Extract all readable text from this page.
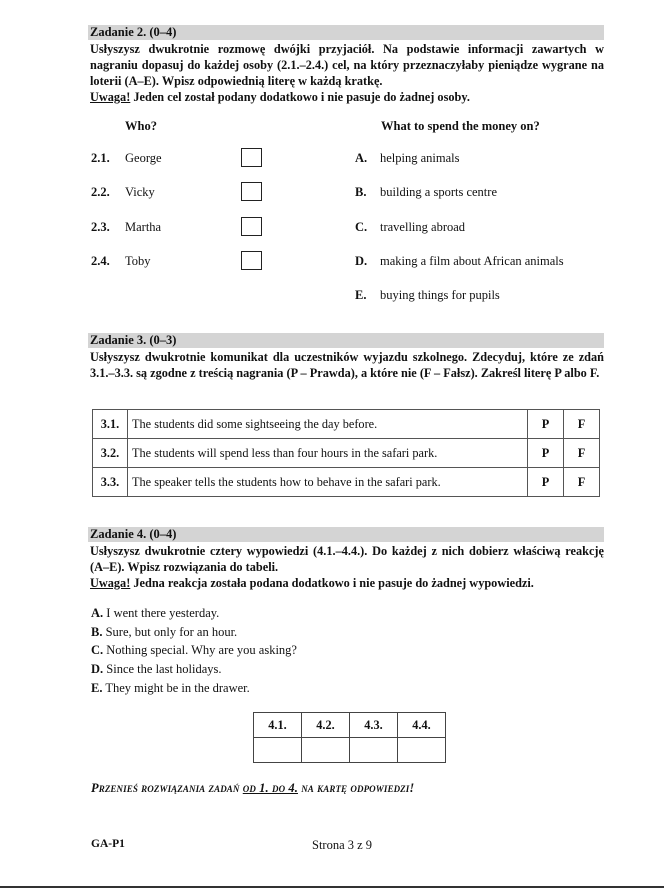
Zadanie 2. (0–4)
Usłyszysz dwukrotnie rozmowę dwójki przyjaciół. Na podstawie informacji zawartych w nagraniu dopasuj do każdej osoby (2.1.–2.4.) cel, na który przeznaczyłaby pieniądze wygrane na loterii (A–E). Wpisz odpowiednią literę w każdą kratkę.
Uwaga! Jeden cel został podany dodatkowo i nie pasuje do żadnej osoby.
Who?	What to spend the money on?
2.1. George
2.2. Vicky
2.3. Martha
2.4. Toby
A. helping animals
B. building a sports centre
C. travelling abroad
D. making a film about African animals
E. buying things for pupils
Zadanie 3. (0–3)
Usłyszysz dwukrotnie komunikat dla uczestników wyjazdu szkolnego. Zdecyduj, które ze zdań 3.1.–3.3. są zgodne z treścią nagrania (P – Prawda), a które nie (F – Fałsz). Zakreśl literę P albo F.
3.1.	The students did some sightseeing the day before.	P	F
3.2.	The students will spend less than four hours in the safari park.	P	F
3.3.	The speaker tells the students how to behave in the safari park.	P	F
Zadanie 4. (0–4)
Usłyszysz dwukrotnie cztery wypowiedzi (4.1.–4.4.). Do każdej z nich dobierz właściwą reakcję (A–E). Wpisz rozwiązania do tabeli.
Uwaga! Jedna reakcja została podana dodatkowo i nie pasuje do żadnej wypowiedzi.
A. I went there yesterday.
B. Sure, but only for an hour.
C. Nothing special. Why are you asking?
D. Since the last holidays.
E. They might be in the drawer.
4.1.	4.2.	4.3.	4.4.

Przenieś rozwiązania zadań od 1. do 4. na kartę odpowiedzi!
GA-P1	Strona 3 z 9
